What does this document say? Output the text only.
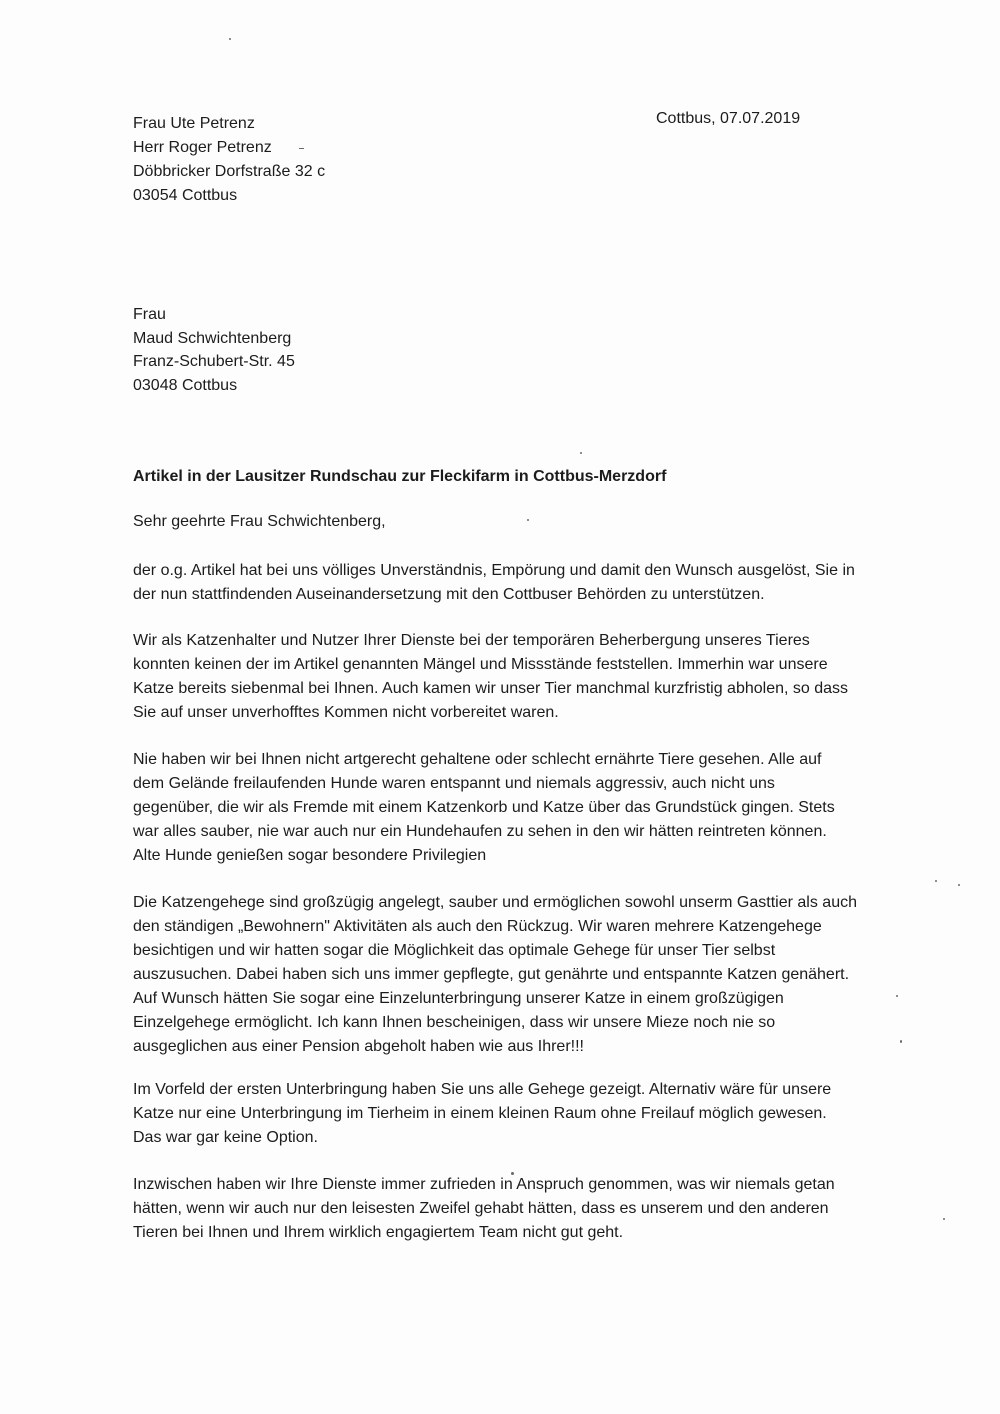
Frau Ute Petrenz
Herr Roger Petrenz
Döbbricker Dorfstraße 32 c
03054 Cottbus
Cottbus, 07.07.2019
Frau
Maud Schwichtenberg
Franz-Schubert-Str. 45
03048 Cottbus
Artikel in der Lausitzer Rundschau zur Fleckifarm in Cottbus-Merzdorf
Sehr geehrte Frau Schwichtenberg,
der o.g. Artikel hat bei uns völliges Unverständnis, Empörung und damit den Wunsch ausgelöst, Sie in
der nun stattfindenden Auseinandersetzung mit den Cottbuser Behörden zu unterstützen.
Wir als Katzenhalter und Nutzer Ihrer Dienste bei der temporären Beherbergung unseres Tieres
konnten keinen der im Artikel genannten Mängel und Missstände feststellen. Immerhin war unsere
Katze bereits siebenmal bei Ihnen. Auch kamen wir unser Tier manchmal kurzfristig abholen, so dass
Sie auf unser unverhofftes Kommen nicht vorbereitet waren.
Nie haben wir bei Ihnen nicht artgerecht gehaltene oder schlecht ernährte Tiere gesehen. Alle auf
dem Gelände freilaufenden Hunde waren entspannt und niemals aggressiv, auch nicht uns
gegenüber, die wir als Fremde mit einem Katzenkorb und Katze über das Grundstück gingen. Stets
war alles sauber, nie war auch nur ein Hundehaufen zu sehen in den wir hätten reintreten können.
Alte Hunde genießen sogar besondere Privilegien
Die Katzengehege sind großzügig angelegt, sauber und ermöglichen sowohl unserm Gasttier als auch
den ständigen „Bewohnern" Aktivitäten als auch den Rückzug. Wir waren mehrere Katzengehege
besichtigen und wir hatten sogar die Möglichkeit das optimale Gehege für unser Tier selbst
auszusuchen. Dabei haben sich uns immer gepflegte, gut genährte und entspannte Katzen genähert.
Auf Wunsch hätten Sie sogar eine Einzelunterbringung unserer Katze in einem großzügigen
Einzelgehege ermöglicht. Ich kann Ihnen bescheinigen, dass wir unsere Mieze noch nie so
ausgeglichen aus einer Pension abgeholt haben wie aus Ihrer!!!
Im Vorfeld der ersten Unterbringung haben Sie uns alle Gehege gezeigt. Alternativ wäre für unsere
Katze nur eine Unterbringung im Tierheim in einem kleinen Raum ohne Freilauf möglich gewesen.
Das war gar keine Option.
Inzwischen haben wir Ihre Dienste immer zufrieden in Anspruch genommen, was wir niemals getan
hätten, wenn wir auch nur den leisesten Zweifel gehabt hätten, dass es unserem und den anderen
Tieren bei Ihnen und Ihrem wirklich engagiertem Team nicht gut geht.
